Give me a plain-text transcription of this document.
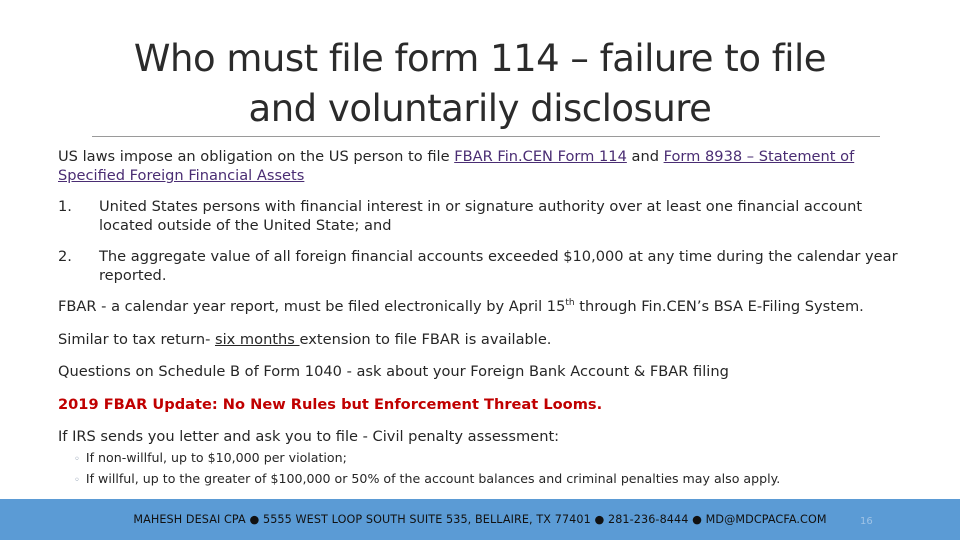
Who must file form 114 – failure to file
and voluntarily disclosure
US laws impose an obligation on the US person to file FBAR Fin.CEN Form 114 and Form 8938 – Statement of Specified Foreign Financial Assets
1. United States persons with financial interest in or signature authority over at least one financial account located outside of the United State; and
2. The aggregate value of all foreign financial accounts exceeded $10,000 at any time during the calendar year reported.
FBAR - a calendar year report, must be filed electronically by April 15th through Fin.CEN’s BSA E-Filing System.
Similar to tax return- six months extension to file FBAR is available.
Questions on Schedule B of Form 1040 - ask about your Foreign Bank Account & FBAR filing
2019 FBAR Update: No New Rules but Enforcement Threat Looms.
If IRS sends you letter and ask you to file - Civil penalty assessment:
◦ If non-willful, up to $10,000 per violation;
◦ If willful, up to the greater of $100,000 or 50% of the account balances and criminal penalties may also apply.
MAHESH DESAI CPA ● 5555 WEST LOOP SOUTH SUITE 535, BELLAIRE, TX 77401 ● 281-236-8444 ● MD@MDCPACFA.COM	16
